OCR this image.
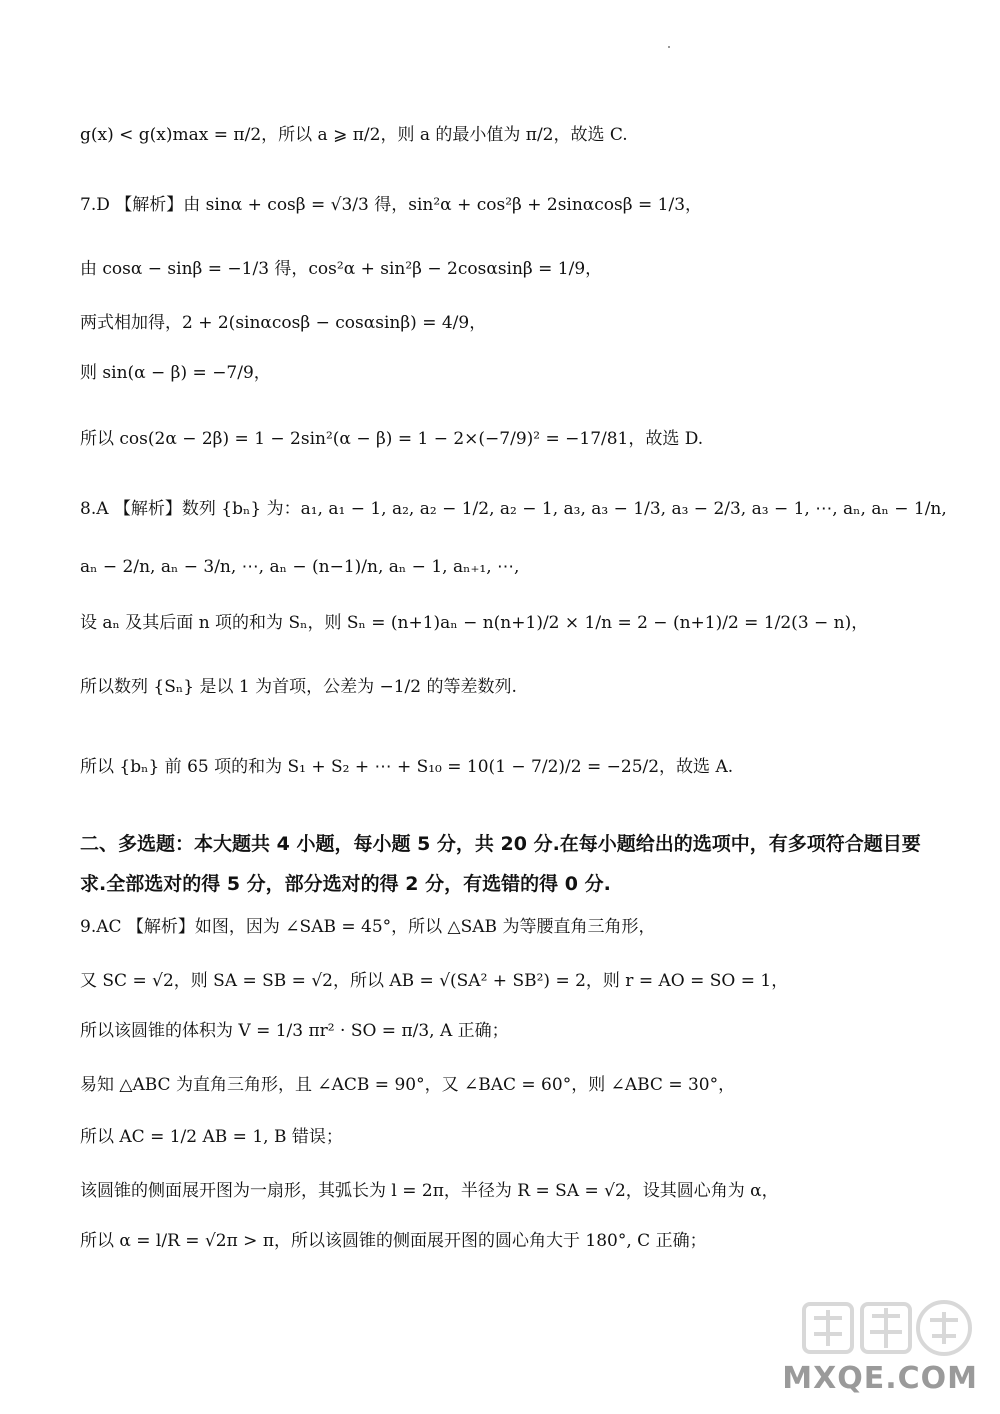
g(x) < g(x)max = π/2，所以 a ⩾ π/2，则 a 的最小值为 π/2，故选 C.
7.D 【解析】由 sinα + cosβ = √3/3 得，sin²α + cos²β + 2sinαcosβ = 1/3，
由 cosα − sinβ = −1/3 得，cos²α + sin²β − 2cosαsinβ = 1/9，
两式相加得，2 + 2(sinαcosβ − cosαsinβ) = 4/9，
则 sin(α − β) = −7/9，
所以 cos(2α − 2β) = 1 − 2sin²(α − β) = 1 − 2×(−7/9)² = −17/81，故选 D.
8.A 【解析】数列 {bₙ} 为：a₁, a₁ − 1, a₂, a₂ − 1/2, a₂ − 1, a₃, a₃ − 1/3, a₃ − 2/3, a₃ − 1, ⋯, aₙ, aₙ − 1/n,
aₙ − 2/n, aₙ − 3/n, ⋯, aₙ − (n−1)/n, aₙ − 1, aₙ₊₁, ⋯,
设 aₙ 及其后面 n 项的和为 Sₙ，则 Sₙ = (n+1)aₙ − n(n+1)/2 × 1/n = 2 − (n+1)/2 = 1/2(3 − n)，
所以数列 {Sₙ} 是以 1 为首项，公差为 −1/2 的等差数列.
所以 {bₙ} 前 65 项的和为 S₁ + S₂ + ⋯ + S₁₀ = 10(1 − 7/2)/2 = −25/2，故选 A.
二、多选题：本大题共 4 小题，每小题 5 分，共 20 分.在每小题给出的选项中，有多项符合题目要求.全部选对的得 5 分，部分选对的得 2 分，有选错的得 0 分.
9.AC 【解析】如图，因为 ∠SAB = 45°，所以 △SAB 为等腰直角三角形，
又 SC = √2，则 SA = SB = √2，所以 AB = √(SA² + SB²) = 2，则 r = AO = SO = 1，
所以该圆锥的体积为 V = 1/3 πr² · SO = π/3, A 正确；
易知 △ABC 为直角三角形，且 ∠ACB = 90°，又 ∠BAC = 60°，则 ∠ABC = 30°，
所以 AC = 1/2 AB = 1, B 错误；
该圆锥的侧面展开图为一扇形，其弧长为 l = 2π，半径为 R = SA = √2，设其圆心角为 α，
所以 α = l/R = √2π > π，所以该圆锥的侧面展开图的圆心角大于 180°, C 正确；
MXQE.COM
